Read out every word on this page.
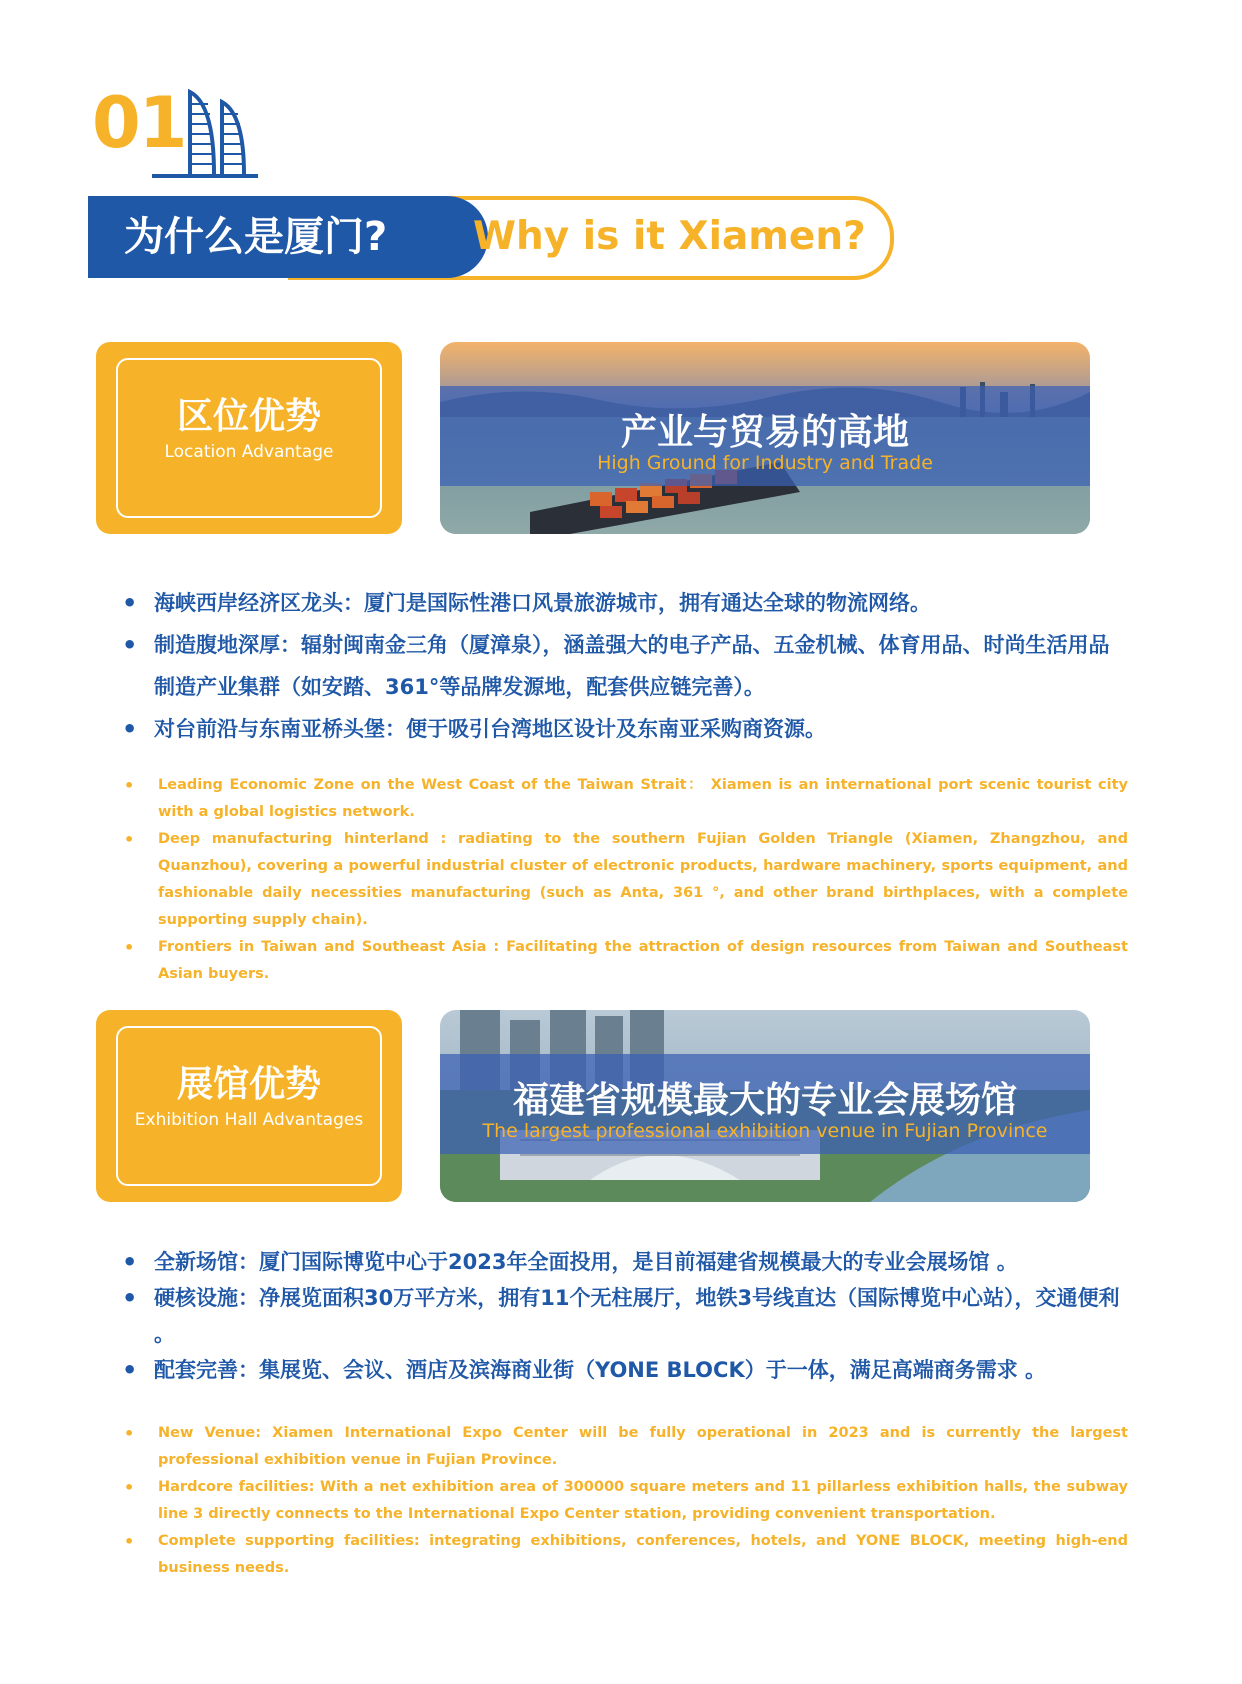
01
为什么是厦门? Why is it Xiamen?
区位优势
Location Advantage	产业与贸易的高地
High Ground for Industry and Trade
• 海峡西岸经济区龙头：厦门是国际性港口风景旅游城市，拥有通达全球的物流网络。
• 制造腹地深厚：辐射闽南金三角（厦漳泉），涵盖强大的电子产品、五金机械、体育用品、时尚生活用品制造产业集群（如安踏、361°等品牌发源地，配套供应链完善）。
• 对台前沿与东南亚桥头堡：便于吸引台湾地区设计及东南亚采购商资源。
• Leading Economic Zone on the West Coast of the Taiwan Strait： Xiamen is an international port scenic tourist city with a global logistics network.
• Deep manufacturing hinterland : radiating to the southern Fujian Golden Triangle (Xiamen, Zhangzhou, and Quanzhou), covering a powerful industrial cluster of electronic products, hardware machinery, sports equipment, and fashionable daily necessities manufacturing (such as Anta, 361 °, and other brand birthplaces, with a complete supporting supply chain).
• Frontiers in Taiwan and Southeast Asia : Facilitating the attraction of design resources from Taiwan and Southeast Asian buyers.
展馆优势
Exhibition Hall Advantages	福建省规模最大的专业会展场馆
The largest professional exhibition venue in Fujian Province
• 全新场馆：厦门国际博览中心于2023年全面投用，是目前福建省规模最大的专业会展场馆 。
• 硬核设施：净展览面积30万平方米，拥有11个无柱展厅，地铁3号线直达（国际博览中心站），交通便利 。
• 配套完善：集展览、会议、酒店及滨海商业街（YONE BLOCK）于一体，满足高端商务需求 。
• New Venue: Xiamen International Expo Center will be fully operational in 2023 and is currently the largest professional exhibition venue in Fujian Province.
• Hardcore facilities: With a net exhibition area of 300000 square meters and 11 pillarless exhibition halls, the subway line 3 directly connects to the International Expo Center station, providing convenient transportation.
• Complete supporting facilities: integrating exhibitions, conferences, hotels, and YONE BLOCK, meeting high-end business needs.
